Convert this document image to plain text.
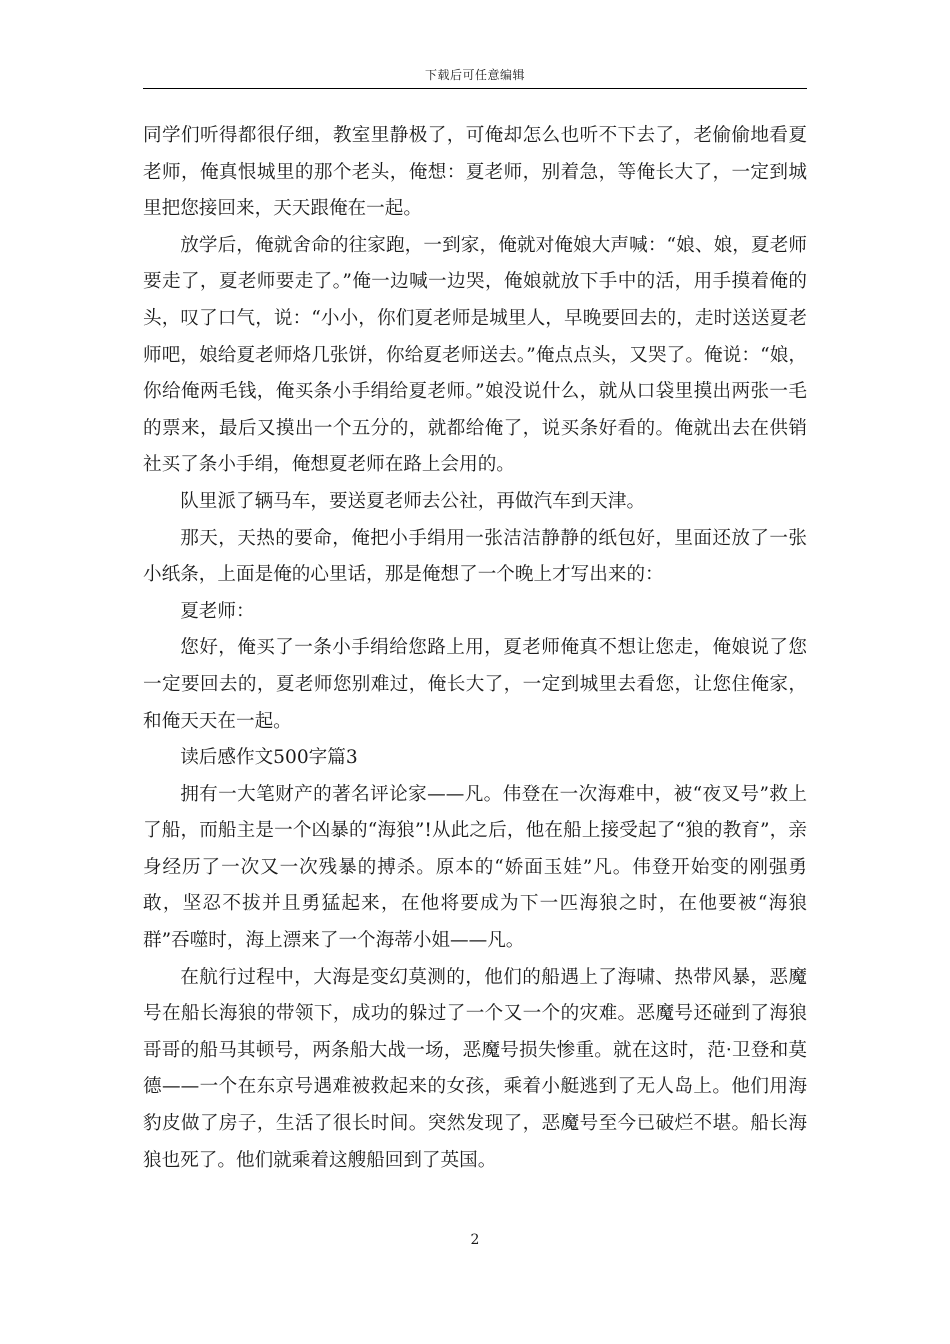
下载后可任意编辑

同学们听得都很仔细，教室里静极了，可俺却怎么也听不下去了，老偷偷地看夏老师，俺真恨城里的那个老头，俺想：夏老师，别着急，等俺长大了，一定到城里把您接回来，天天跟俺在一起。

放学后，俺就舍命的往家跑，一到家，俺就对俺娘大声喊：“娘、娘，夏老师要走了，夏老师要走了。”俺一边喊一边哭，俺娘就放下手中的活，用手摸着俺的头，叹了口气，说：“小小，你们夏老师是城里人，早晚要回去的，走时送送夏老师吧，娘给夏老师烙几张饼，你给夏老师送去。”俺点点头，又哭了。俺说：“娘，你给俺两毛钱，俺买条小手绢给夏老师。”娘没说什么，就从口袋里摸出两张一毛的票来，最后又摸出一个五分的，就都给俺了，说买条好看的。俺就出去在供销社买了条小手绢，俺想夏老师在路上会用的。

队里派了辆马车，要送夏老师去公社，再做汽车到天津。

那天，天热的要命，俺把小手绢用一张洁洁静静的纸包好，里面还放了一张小纸条，上面是俺的心里话，那是俺想了一个晚上才写出来的：

夏老师：

您好，俺买了一条小手绢给您路上用，夏老师俺真不想让您走，俺娘说了您一定要回去的，夏老师您别难过，俺长大了，一定到城里去看您，让您住俺家，和俺天天在一起。

读后感作文500字篇3

拥有一大笔财产的著名评论家——凡。伟登在一次海难中，被“夜叉号”救上了船，而船主是一个凶暴的“海狼”!从此之后，他在船上接受起了“狼的教育”，亲身经历了一次又一次残暴的搏杀。原本的“娇面玉娃”凡。伟登开始变的刚强勇敢，坚忍不拔并且勇猛起来，在他将要成为下一匹海狼之时，在他要被“海狼群”吞噬时，海上漂来了一个海蒂小姐——凡。

在航行过程中，大海是变幻莫测的，他们的船遇上了海啸、热带风暴，恶魔号在船长海狼的带领下，成功的躲过了一个又一个的灾难。恶魔号还碰到了海狼哥哥的船马其顿号，两条船大战一场，恶魔号损失惨重。就在这时，范·卫登和莫德——一个在东京号遇难被救起来的女孩，乘着小艇逃到了无人岛上。他们用海豹皮做了房子，生活了很长时间。突然发现了，恶魔号至今已破烂不堪。船长海狼也死了。他们就乘着这艘船回到了英国。

2
